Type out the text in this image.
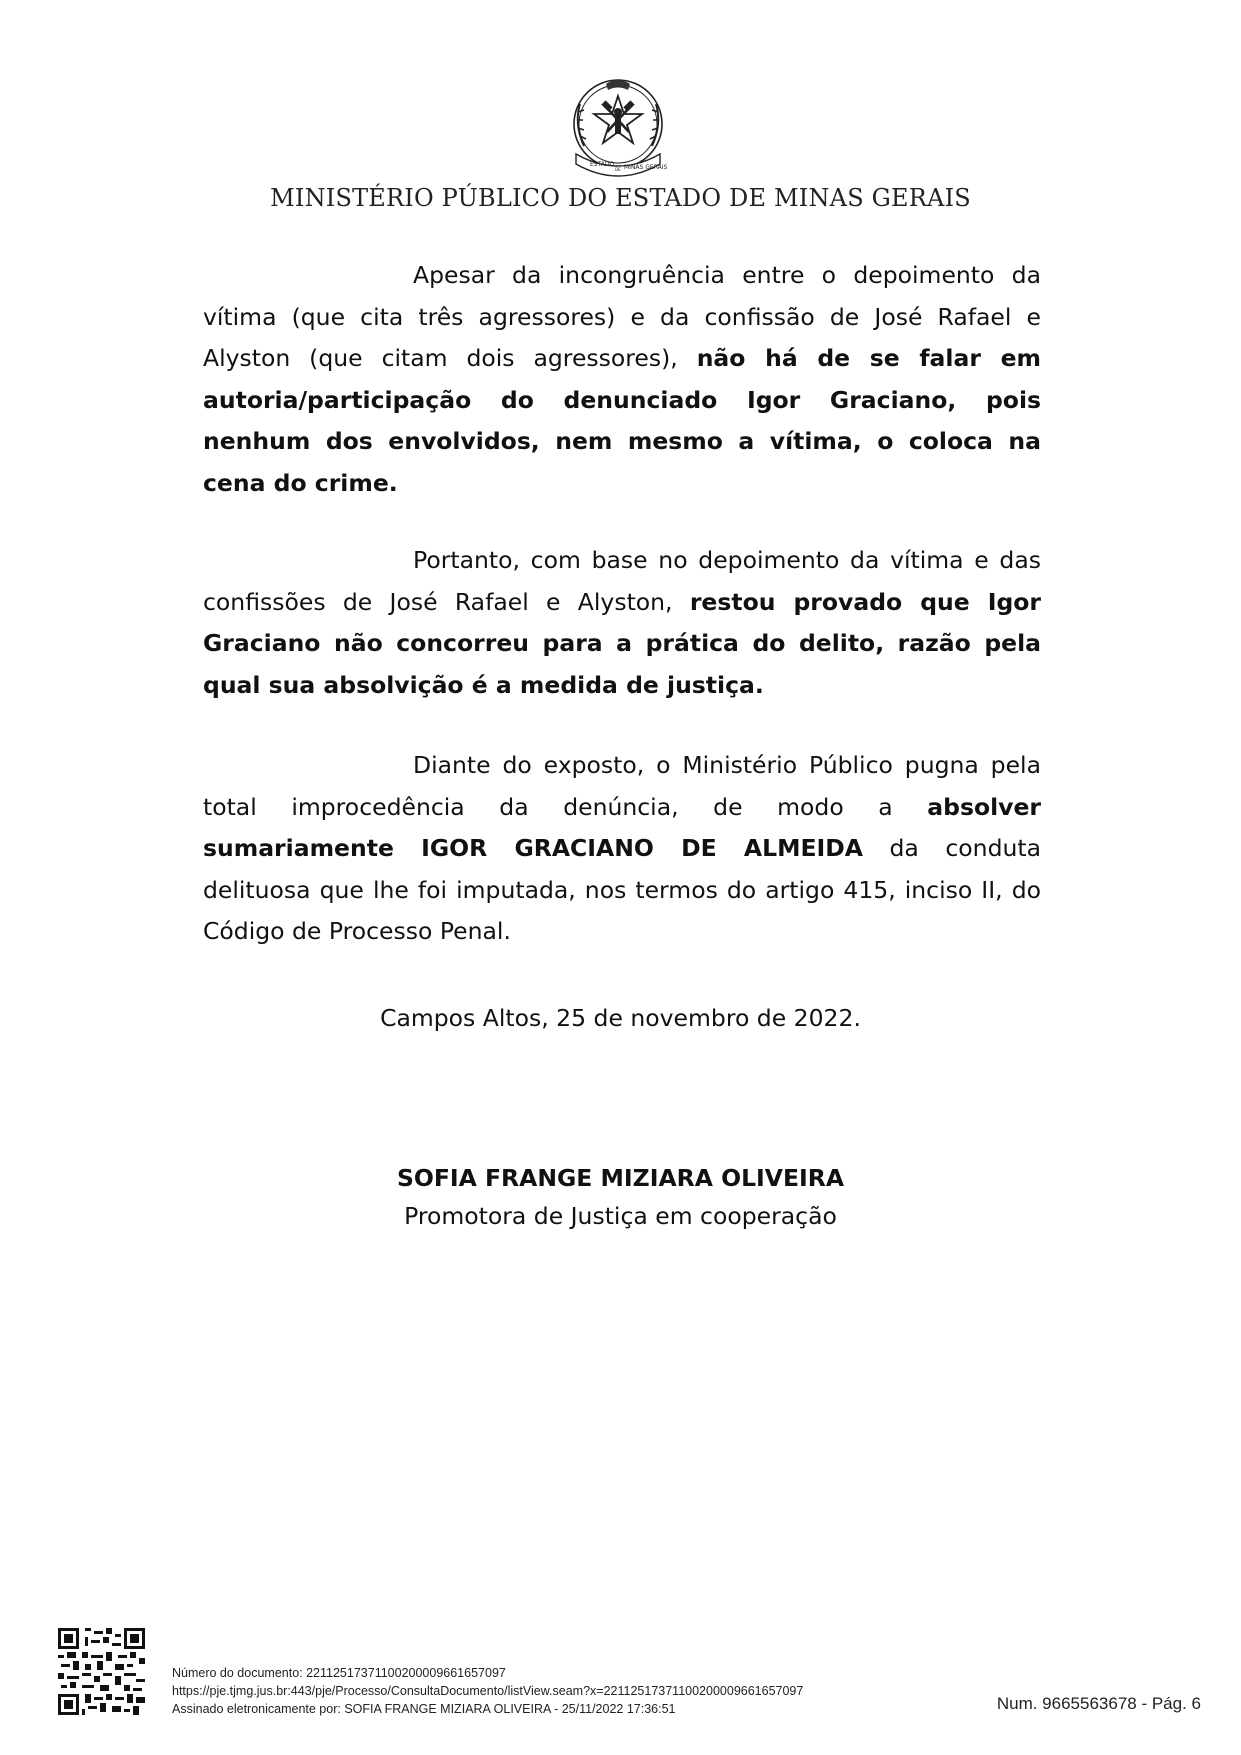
ESTADO
DE MINAS GERAIS
MINISTÉRIO PÚBLICO DO ESTADO DE MINAS GERAIS

Apesar da incongruência entre o depoimento da vítima (que cita três agressores) e da confissão de José Rafael e Alyston (que citam dois agressores), não há de se falar em autoria/participação do denunciado Igor Graciano, pois nenhum dos envolvidos, nem mesmo a vítima, o coloca na cena do crime.

Portanto, com base no depoimento da vítima e das confissões de José Rafael e Alyston, restou provado que Igor Graciano não concorreu para a prática do delito, razão pela qual sua absolvição é a medida de justiça.

Diante do exposto, o Ministério Público pugna pela total improcedência da denúncia, de modo a absolver sumariamente IGOR GRACIANO DE ALMEIDA da conduta delituosa que lhe foi imputada, nos termos do artigo 415, inciso II, do Código de Processo Penal.

Campos Altos, 25 de novembro de 2022.
SOFIA FRANGE MIZIARA OLIVEIRA
Promotora de Justiça em cooperação
Número do documento: 22112517371100200009661657097
https://pje.tjmg.jus.br:443/pje/Processo/ConsultaDocumento/listView.seam?x=22112517371100200009661657097
Assinado eletronicamente por: SOFIA FRANGE MIZIARA OLIVEIRA - 25/11/2022 17:36:51	Num. 9665563678 - Pág. 6
